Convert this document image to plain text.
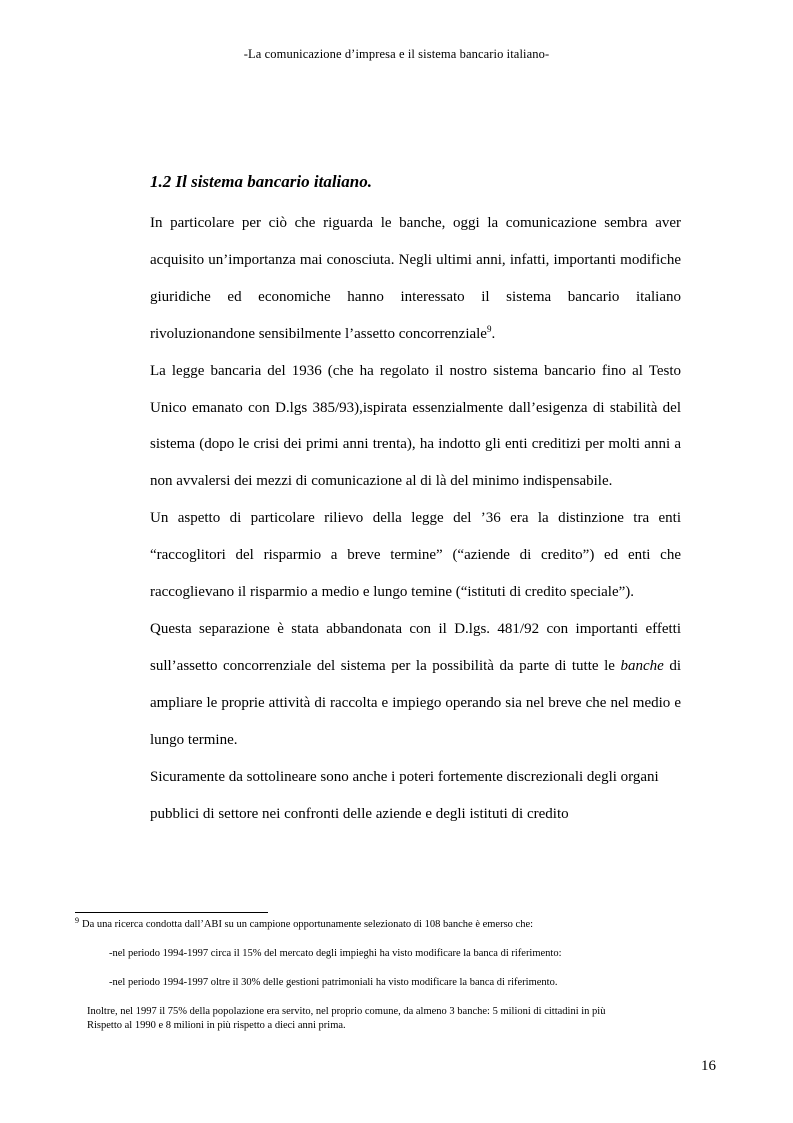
-La comunicazione d’impresa e il sistema bancario italiano-
1.2 Il sistema bancario italiano.

In particolare per ciò che riguarda le banche, oggi la comunicazione sembra aver acquisito un’importanza mai conosciuta. Negli ultimi anni, infatti, importanti modifiche giuridiche ed economiche hanno interessato il sistema bancario italiano rivoluzionandone sensibilmente l’assetto concorrenziale$^9$.

La legge bancaria del 1936 (che ha regolato il nostro sistema bancario fino al Testo Unico emanato con D.lgs 385/93),ispirata essenzialmente dall’esigenza di stabilità del sistema (dopo le crisi dei primi anni trenta), ha indotto gli enti creditizi per molti anni a non avvalersi dei mezzi di comunicazione al di là del minimo indispensabile.

Un aspetto di particolare rilievo della legge del ’36 era la distinzione tra enti “raccoglitori del risparmio a breve termine” (“aziende di credito”) ed enti che raccoglievano il risparmio a medio e lungo temine (“istituti di credito speciale”).

Questa separazione è stata abbandonata con il D.lgs. 481/92 con importanti effetti sull’assetto concorrenziale del sistema per la possibilità da parte di tutte le banche di ampliare le proprie attività di raccolta e impiego operando sia nel breve che nel medio e lungo termine.

Sicuramente da sottolineare sono anche i poteri fortemente discrezionali degli organi pubblici di settore nei confronti delle aziende e degli istituti di credito

$^9$ Da una ricerca condotta dall’ABI su un campione opportunamente selezionato di 108 banche è emerso che:

-nel periodo 1994-1997 circa il 15% del mercato degli impieghi ha visto modificare la banca di riferimento:

-nel periodo 1994-1997 oltre il 30% delle gestioni patrimoniali ha visto modificare la banca di riferimento.

Inoltre, nel 1997 il 75% della popolazione era servito, nel proprio comune, da almeno 3 banche: 5 milioni di cittadini in più
Rispetto al 1990 e 8 milioni in più rispetto a dieci anni prima.

16
